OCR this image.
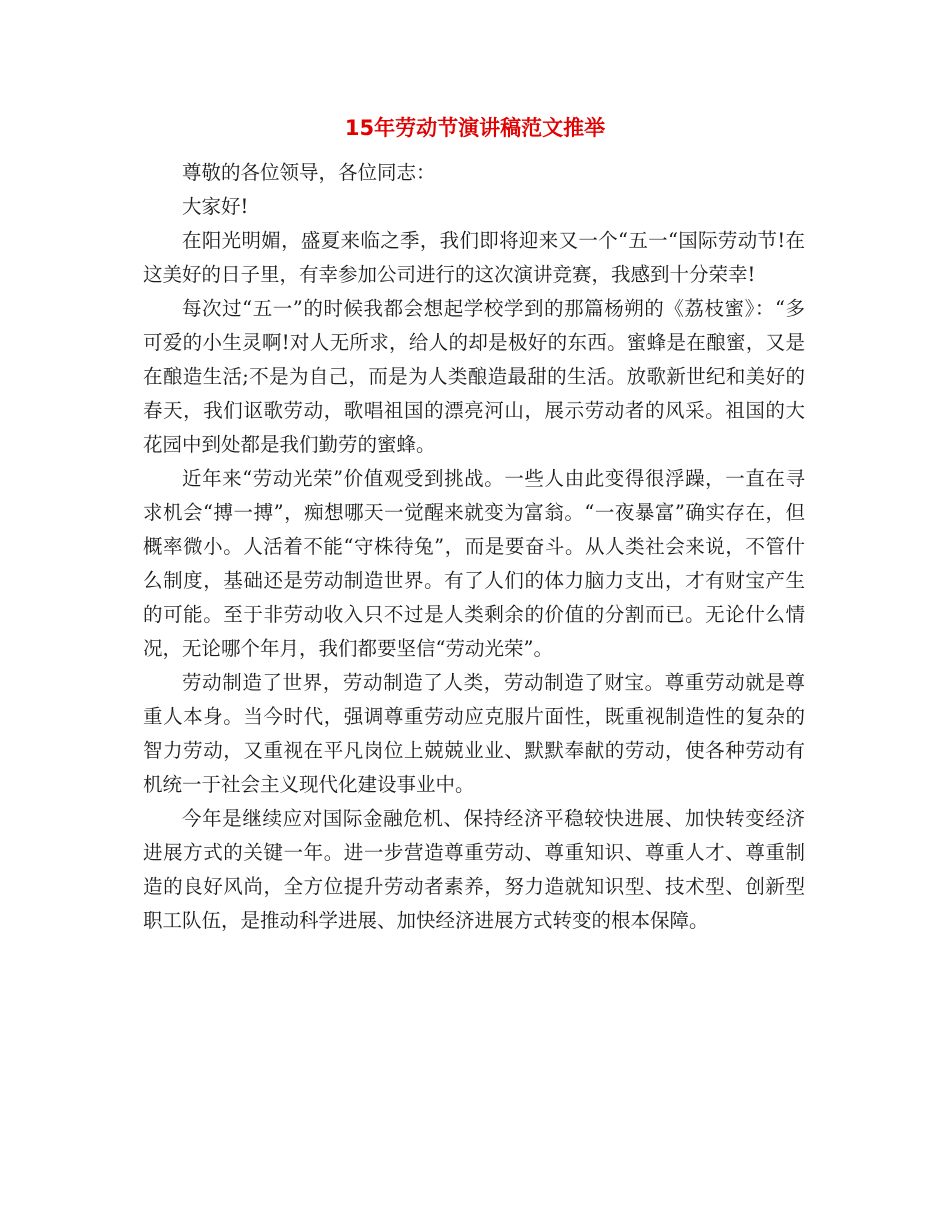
15年劳动节演讲稿范文推举

尊敬的各位领导，各位同志：

大家好!

在阳光明媚，盛夏来临之季，我们即将迎来又一个“五一“国际劳动节!在这美好的日子里，有幸参加公司进行的这次演讲竞赛，我感到十分荣幸!

每次过“五一”的时候我都会想起学校学到的那篇杨朔的《荔枝蜜》：“多可爱的小生灵啊!对人无所求，给人的却是极好的东西。蜜蜂是在酿蜜，又是在酿造生活;不是为自己，而是为人类酿造最甜的生活。放歌新世纪和美好的春天，我们讴歌劳动，歌唱祖国的漂亮河山，展示劳动者的风采。祖国的大花园中到处都是我们勤劳的蜜蜂。

近年来“劳动光荣”价值观受到挑战。一些人由此变得很浮躁，一直在寻求机会“搏一搏”，痴想哪天一觉醒来就变为富翁。“一夜暴富”确实存在，但概率微小。人活着不能“守株待兔”，而是要奋斗。从人类社会来说，不管什么制度，基础还是劳动制造世界。有了人们的体力脑力支出，才有财宝产生的可能。至于非劳动收入只不过是人类剩余的价值的分割而已。无论什么情况，无论哪个年月，我们都要坚信“劳动光荣”。

劳动制造了世界，劳动制造了人类，劳动制造了财宝。尊重劳动就是尊重人本身。当今时代，强调尊重劳动应克服片面性，既重视制造性的复杂的智力劳动，又重视在平凡岗位上兢兢业业、默默奉献的劳动，使各种劳动有机统一于社会主义现代化建设事业中。

今年是继续应对国际金融危机、保持经济平稳较快进展、加快转变经济进展方式的关键一年。进一步营造尊重劳动、尊重知识、尊重人才、尊重制造的良好风尚，全方位提升劳动者素养，努力造就知识型、技术型、创新型职工队伍，是推动科学进展、加快经济进展方式转变的根本保障。
